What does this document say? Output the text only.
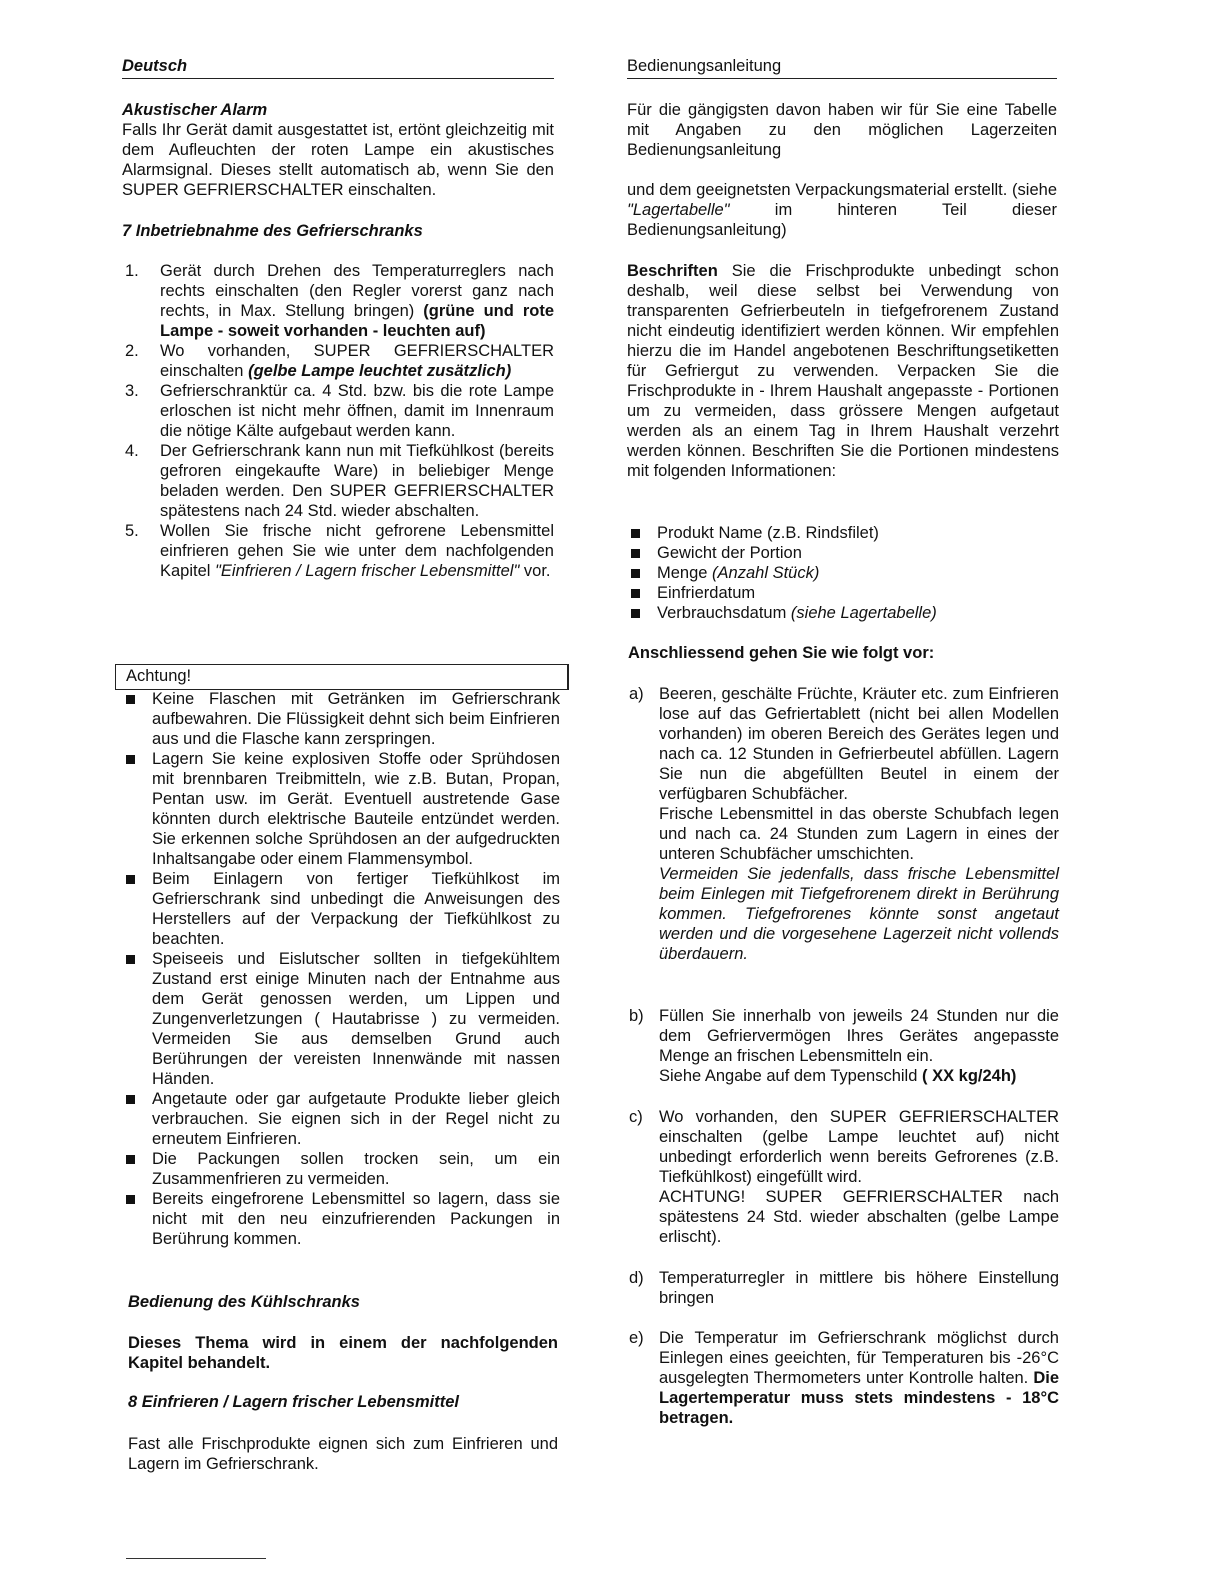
Deutsch	Bedienungsanleitung
Akustischer Alarm
Falls Ihr Gerät damit ausgestattet ist, ertönt gleichzeitig mit dem Aufleuchten der roten Lampe ein akustisches Alarmsignal. Dieses stellt automatisch ab, wenn Sie den SUPER GEFRIERSCHALTER einschalten.
7 Inbetriebnahme des Gefrierschranks
1. Gerät durch Drehen des Temperaturreglers nach rechts einschalten (den Regler vorerst ganz nach rechts, in Max. Stellung bringen) (grüne und rote Lampe - soweit vorhanden - leuchten auf)
2. Wo vorhanden, SUPER GEFRIERSCHALTER einschalten (gelbe Lampe leuchtet zusätzlich)
3. Gefrierschranktür ca. 4 Std. bzw. bis die rote Lampe erloschen ist nicht mehr öffnen, damit im Innenraum die nötige Kälte aufgebaut werden kann.
4. Der Gefrierschrank kann nun mit Tiefkühlkost (bereits gefroren eingekaufte Ware) in beliebiger Menge beladen werden. Den SUPER GEFRIERSCHALTER spätestens nach 24 Std. wieder abschalten.
5. Wollen Sie frische nicht gefrorene Lebensmittel einfrieren gehen Sie wie unter dem nachfolgenden Kapitel "Einfrieren / Lagern frischer Lebensmittel" vor.
Achtung!
Keine Flaschen mit Getränken im Gefrierschrank aufbewahren. Die Flüssigkeit dehnt sich beim Einfrieren aus und die Flasche kann zerspringen.
Lagern Sie keine explosiven Stoffe oder Sprühdosen mit brennbaren Treibmitteln, wie z.B. Butan, Propan, Pentan usw. im Gerät. Eventuell austretende Gase könnten durch elektrische Bauteile entzündet werden. Sie erkennen solche Sprühdosen an der aufgedruckten Inhaltsangabe oder einem Flammensymbol.
Beim Einlagern von fertiger Tiefkühlkost im Gefrierschrank sind unbedingt die Anweisungen des Herstellers auf der Verpackung der Tiefkühlkost zu beachten.
Speiseeis und Eislutscher sollten in tiefgekühltem Zustand erst einige Minuten nach der Entnahme aus dem Gerät genossen werden, um Lippen und Zungenverletzungen ( Hautabrisse ) zu vermeiden. Vermeiden Sie aus demselben Grund auch Berührungen der vereisten Innenwände mit nassen Händen.
Angetaute oder gar aufgetaute Produkte lieber gleich verbrauchen. Sie eignen sich in der Regel nicht zu erneutem Einfrieren.
Die Packungen sollen trocken sein, um ein Zusammenfrieren zu vermeiden.
Bereits eingefrorene Lebensmittel so lagern, dass sie nicht mit den neu einzufrierenden Packungen in Berührung kommen.
Bedienung des Kühlschranks
Dieses Thema wird in einem der nachfolgenden Kapitel behandelt.
8 Einfrieren / Lagern frischer Lebensmittel
Fast alle Frischprodukte eignen sich zum Einfrieren und Lagern im Gefrierschrank.
Für die gängigsten davon haben wir für Sie eine Tabelle mit Angaben zu den möglichen Lagerzeiten Bedienungsanleitung
und dem geeignetsten Verpackungsmaterial erstellt. (siehe "Lagertabelle"	im hinteren Teil dieser Bedienungsanleitung)
Beschriften Sie die Frischprodukte unbedingt schon deshalb, weil diese selbst bei Verwendung von transparenten Gefrierbeuteln in tiefgefrorenem Zustand nicht eindeutig identifiziert werden können. Wir empfehlen hierzu die im Handel angebotenen Beschriftungsetiketten für Gefriergut zu verwenden. Verpacken Sie die Frischprodukte in - Ihrem Haushalt angepasste - Portionen um zu vermeiden, dass grössere Mengen aufgetaut werden als an einem Tag in Ihrem Haushalt verzehrt werden können. Beschriften Sie die Portionen mindestens mit folgenden Informationen:
Produkt Name (z.B. Rindsfilet)
Gewicht der Portion
Menge (Anzahl Stück)
Einfrierdatum
Verbrauchsdatum (siehe Lagertabelle)
Anschliessend gehen Sie wie folgt vor:
a) Beeren, geschälte Früchte, Kräuter etc. zum Einfrieren lose auf das Gefriertablett (nicht bei allen Modellen vorhanden) im oberen Bereich des Gerätes legen und nach ca. 12 Stunden in Gefrierbeutel abfüllen. Lagern Sie nun die abgefüllten Beutel in einem der verfügbaren Schubfächer.
Frische Lebensmittel in das oberste Schubfach legen und nach ca. 24 Stunden zum Lagern in eines der unteren Schubfächer umschichten.
Vermeiden Sie jedenfalls, dass frische Lebensmittel beim Einlegen mit Tiefgefrorenem direkt in Berührung kommen. Tiefgefrorenes könnte sonst angetaut werden und die vorgesehene Lagerzeit nicht vollends überdauern.
b) Füllen Sie innerhalb von jeweils 24 Stunden nur die dem Gefriervermögen Ihres Gerätes angepasste Menge an frischen Lebensmitteln ein.
Siehe Angabe auf dem Typenschild ( XX kg/24h)
c) Wo vorhanden, den SUPER GEFRIERSCHALTER einschalten (gelbe Lampe leuchtet auf) nicht unbedingt erforderlich wenn bereits Gefrorenes (z.B. Tiefkühlkost) eingefüllt wird.
ACHTUNG! SUPER GEFRIERSCHALTER nach spätestens 24 Std. wieder abschalten (gelbe Lampe erlischt).
d) Temperaturregler in mittlere bis höhere Einstellung bringen
e) Die Temperatur im Gefrierschrank möglichst durch Einlegen eines geeichten, für Temperaturen bis -26°C ausgelegten Thermometers unter Kontrolle halten. Die Lagertemperatur muss stets mindestens - 18°C betragen.
